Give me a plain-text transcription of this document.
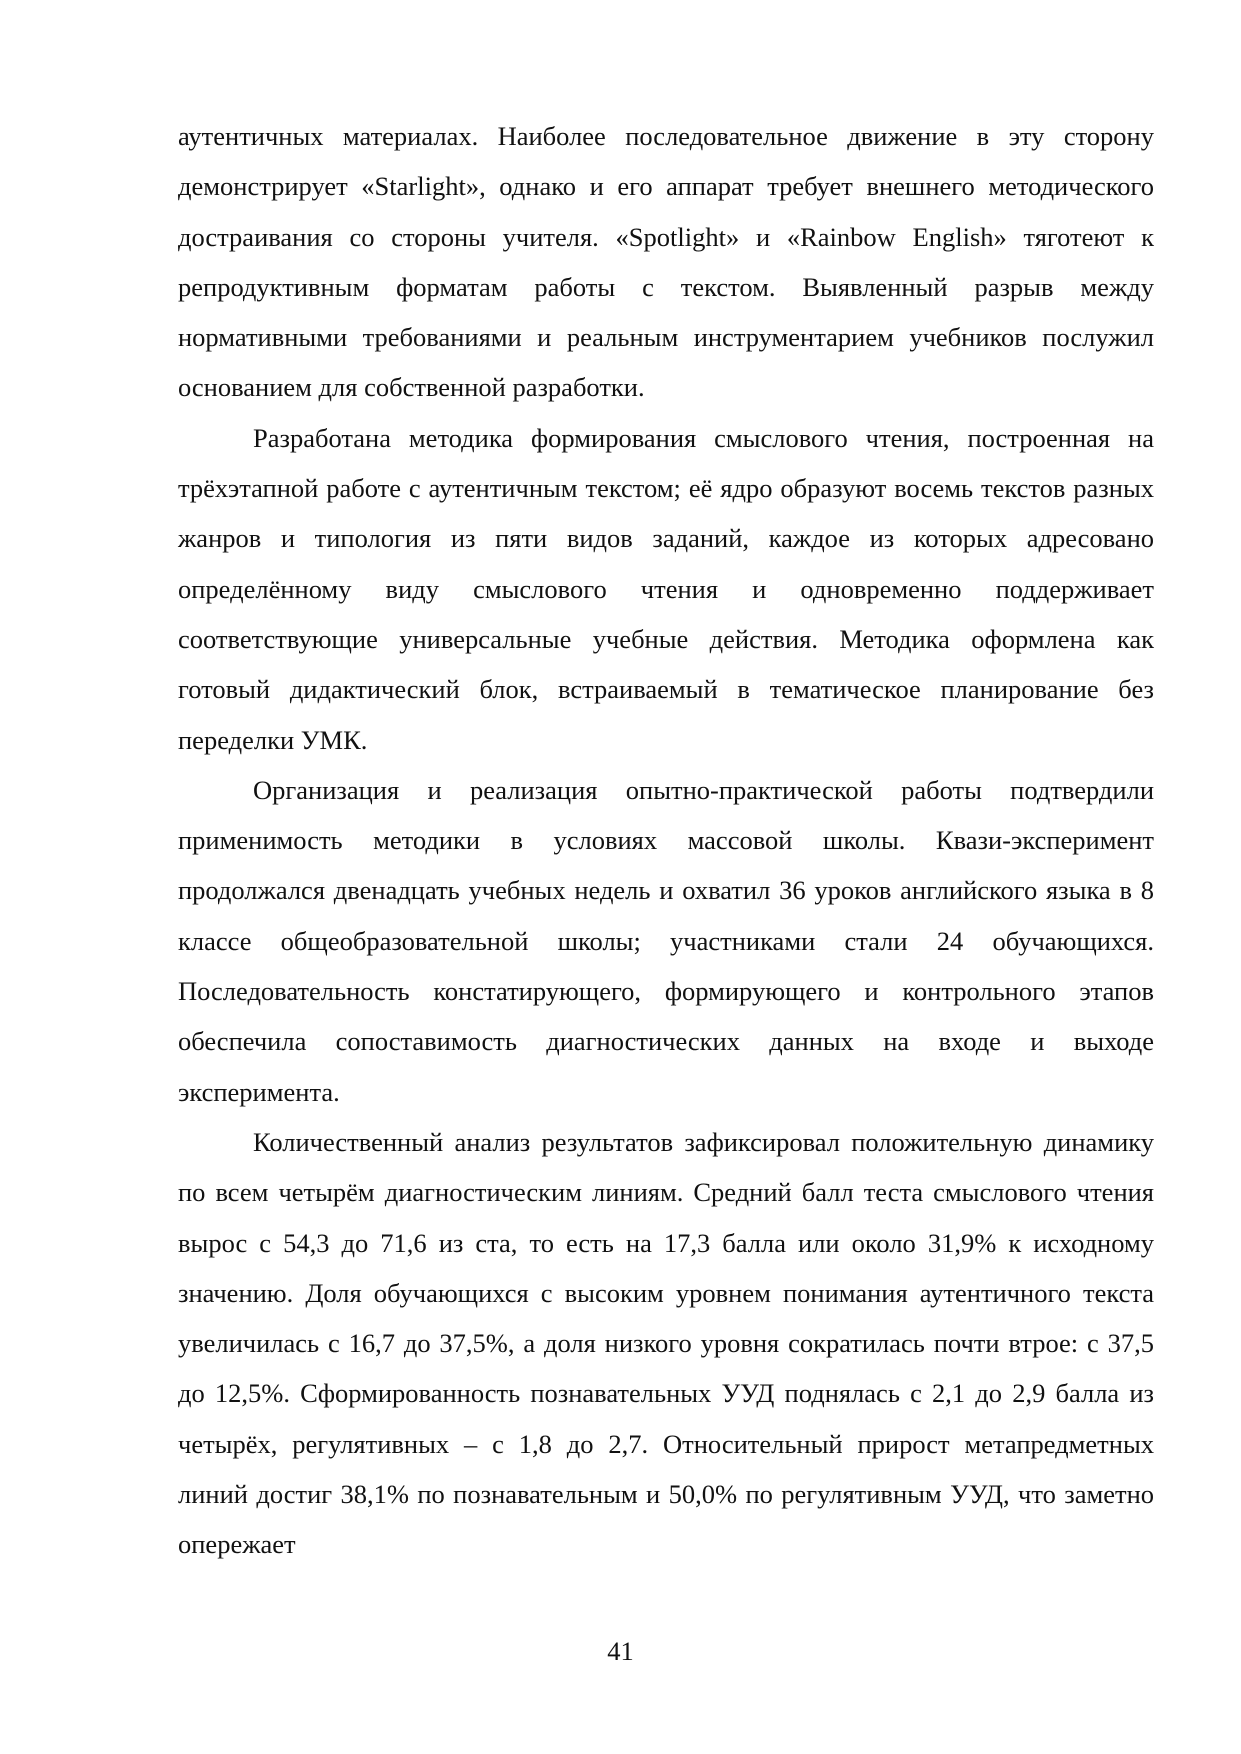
аутентичных материалах. Наиболее последовательное движение в эту сторону демонстрирует «Starlight», однако и его аппарат требует внешнего методического достраивания со стороны учителя. «Spotlight» и «Rainbow English» тяготеют к репродуктивным форматам работы с текстом. Выявленный разрыв между нормативными требованиями и реальным инструментарием учебников послужил основанием для собственной разработки.

Разработана методика формирования смыслового чтения, построенная на трёхэтапной работе с аутентичным текстом; её ядро образуют восемь текстов разных жанров и типология из пяти видов заданий, каждое из которых адресовано определённому виду смыслового чтения и одновременно поддерживает соответствующие универсальные учебные действия. Методика оформлена как готовый дидактический блок, встраиваемый в тематическое планирование без переделки УМК.

Организация и реализация опытно-практической работы подтвердили применимость методики в условиях массовой школы. Квази-эксперимент продолжался двенадцать учебных недель и охватил 36 уроков английского языка в 8 классе общеобразовательной школы; участниками стали 24 обучающихся. Последовательность констатирующего, формирующего и контрольного этапов обеспечила сопоставимость диагностических данных на входе и выходе эксперимента.

Количественный анализ результатов зафиксировал положительную динамику по всем четырём диагностическим линиям. Средний балл теста смыслового чтения вырос с 54,3 до 71,6 из ста, то есть на 17,3 балла или около 31,9% к исходному значению. Доля обучающихся с высоким уровнем понимания аутентичного текста увеличилась с 16,7 до 37,5%, а доля низкого уровня сократилась почти втрое: с 37,5 до 12,5%. Сформированность познавательных УУД поднялась с 2,1 до 2,9 балла из четырёх, регулятивных – с 1,8 до 2,7. Относительный прирост метапредметных линий достиг 38,1% по познавательным и 50,0% по регулятивным УУД, что заметно опережает

41
